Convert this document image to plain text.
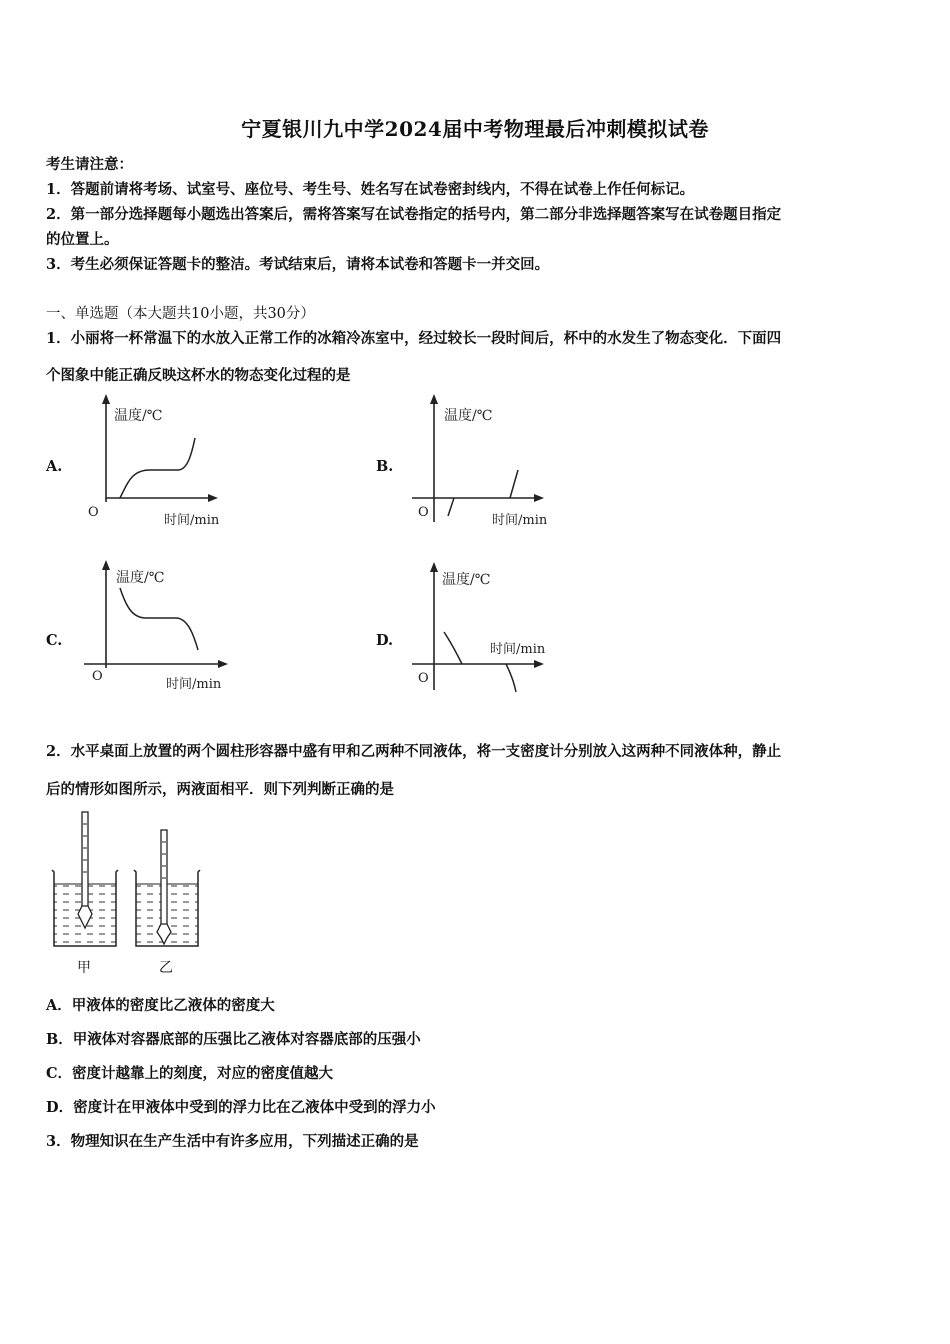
宁夏银川九中学2024届中考物理最后冲刺模拟试卷
考生请注意：
1．答题前请将考场、试室号、座位号、考生号、姓名写在试卷密封线内，不得在试卷上作任何标记。
2．第一部分选择题每小题选出答案后，需将答案写在试卷指定的括号内，第二部分非选择题答案写在试卷题目指定
的位置上。
3．考生必须保证答题卡的整洁。考试结束后，请将本试卷和答题卡一并交回。
一、单选题（本大题共10小题，共30分）
1．小丽将一杯常温下的水放入正常工作的冰箱冷冻室中，经过较长一段时间后，杯中的水发生了物态变化．下面四
个图象中能正确反映这杯水的物态变化过程的是
A.
温度/℃
O
时间/min
B.
温度/℃
O
时间/min
C.
温度/℃
O
时间/min
D.
温度/℃
O
时间/min
2．水平桌面上放置的两个圆柱形容器中盛有甲和乙两种不同液体，将一支密度计分别放入这两种不同液体种，静止
后的情形如图所示，两液面相平．则下列判断正确的是
甲	乙
A．甲液体的密度比乙液体的密度大
B．甲液体对容器底部的压强比乙液体对容器底部的压强小
C．密度计越靠上的刻度，对应的密度值越大
D．密度计在甲液体中受到的浮力比在乙液体中受到的浮力小
3．物理知识在生产生活中有许多应用，下列描述正确的是
